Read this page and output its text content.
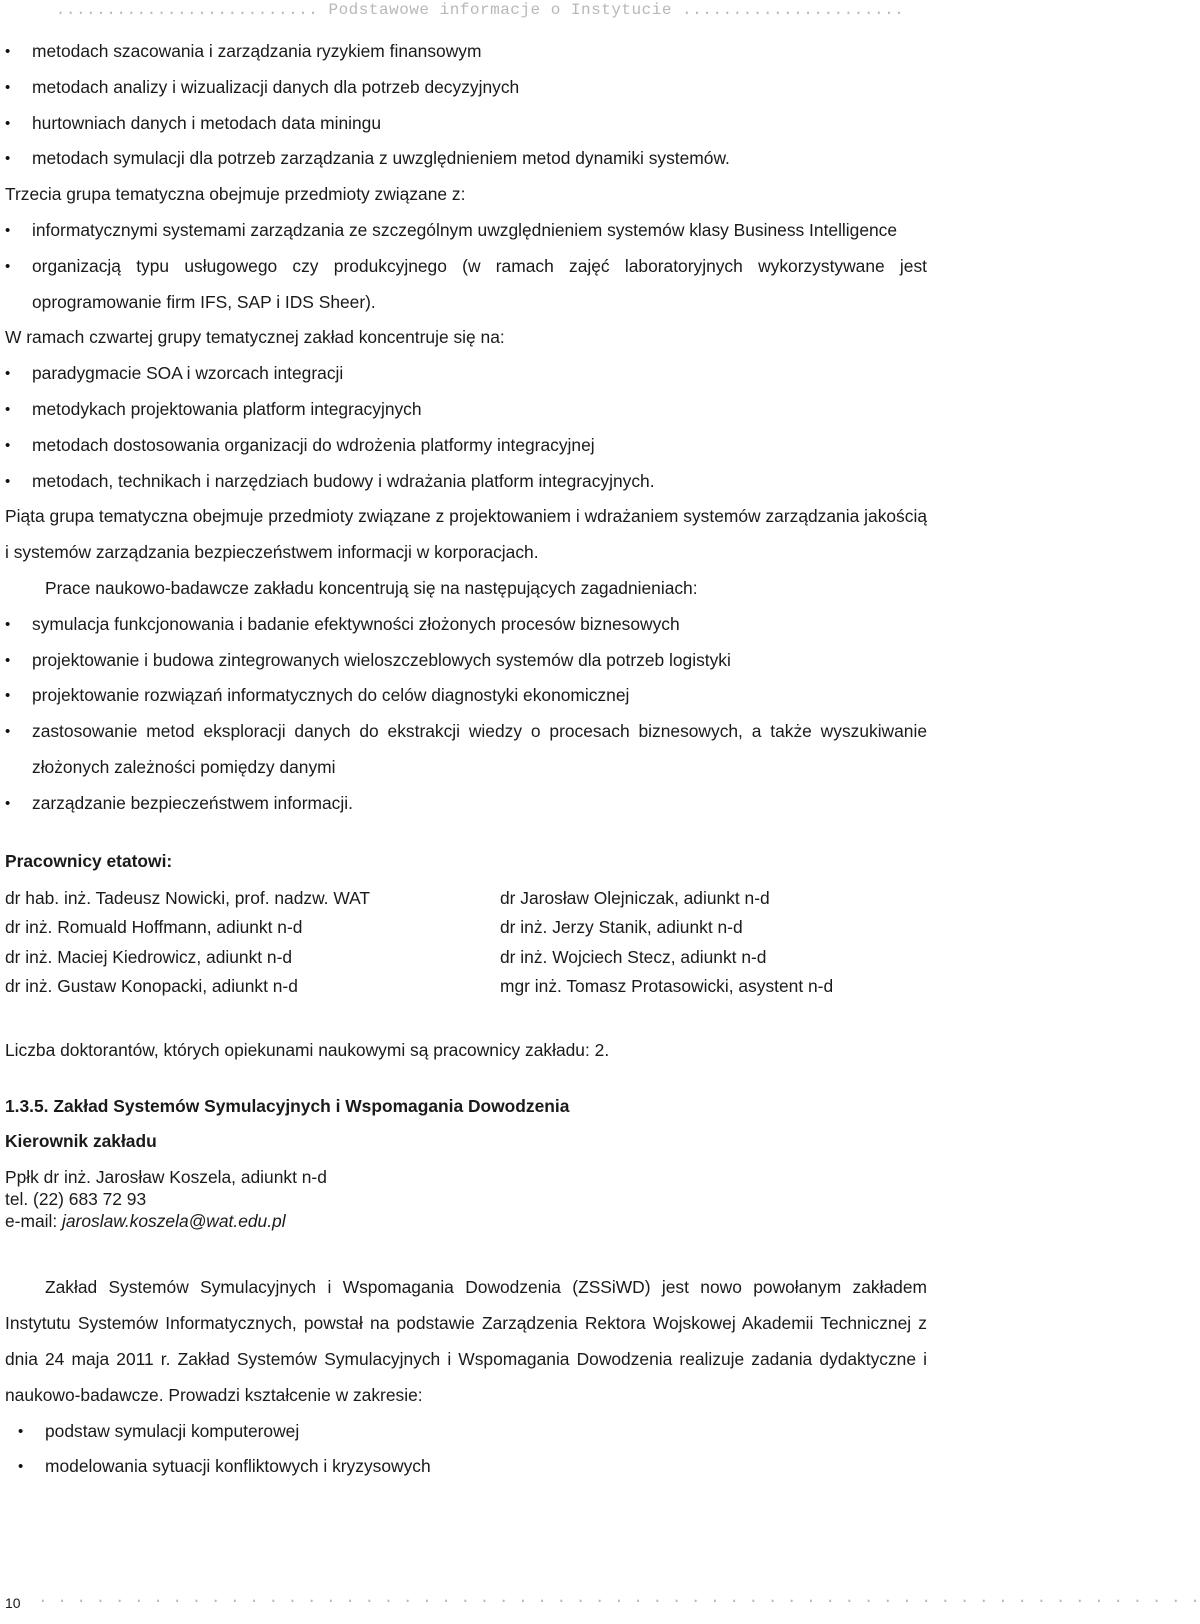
.......................... Podstawowe informacje o Instytucie ......................
• metodach szacowania i zarządzania ryzykiem finansowym
• metodach analizy i wizualizacji danych dla potrzeb decyzyjnych
• hurtowniach danych i metodach data miningu
• metodach symulacji dla potrzeb zarządzania z uwzględnieniem metod dynamiki systemów.

Trzecia grupa tematyczna obejmuje przedmioty związane z:

• informatycznymi systemami zarządzania ze szczególnym uwzględnieniem systemów klasy Business Intelligence
• organizacją typu usługowego czy produkcyjnego (w ramach zajęć laboratoryjnych wykorzystywane jest oprogramowanie firm IFS, SAP i IDS Sheer).

W ramach czwartej grupy tematycznej zakład koncentruje się na:

• paradygmacie SOA i wzorcach integracji
• metodykach projektowania platform integracyjnych
• metodach dostosowania organizacji do wdrożenia platformy integracyjnej
• metodach, technikach i narzędziach budowy i wdrażania platform integracyjnych.

Piąta grupa tematyczna obejmuje przedmioty związane z projektowaniem i wdrażaniem systemów zarządzania jakością i systemów zarządzania bezpieczeństwem informacji w korporacjach.

Prace naukowo-badawcze zakładu koncentrują się na następujących zagadnieniach:

• symulacja funkcjonowania i badanie efektywności złożonych procesów biznesowych
• projektowanie i budowa zintegrowanych wieloszczeblowych systemów dla potrzeb logistyki
• projektowanie rozwiązań informatycznych do celów diagnostyki ekonomicznej
• zastosowanie metod eksploracji danych do ekstrakcji wiedzy o procesach biznesowych, a także wyszukiwanie złożonych zależności pomiędzy danymi
• zarządzanie bezpieczeństwem informacji.
Pracownicy etatowi:
dr hab. inż. Tadeusz Nowicki, prof. nadzw. WAT
dr inż. Romuald Hoffmann, adiunkt n-d
dr inż. Maciej Kiedrowicz, adiunkt n-d
dr inż. Gustaw Konopacki, adiunkt n-d
dr Jarosław Olejniczak, adiunkt n-d
dr inż. Jerzy Stanik, adiunkt n-d
dr inż. Wojciech Stecz, adiunkt n-d
mgr inż. Tomasz Protasowicki, asystent n-d

Liczba doktorantów, których opiekunami naukowymi są pracownicy zakładu: 2.

1.3.5. Zakład Systemów Symulacyjnych i Wspomagania Dowodzenia
Kierownik zakładu

Ppłk dr inż. Jarosław Koszela, adiunkt n-d

tel. (22) 683 72 93

e-mail: jaroslaw.koszela@wat.edu.pl

Zakład Systemów Symulacyjnych i Wspomagania Dowodzenia (ZSSiWD) jest nowo powołanym zakładem Instytutu Systemów Informatycznych, powstał na podstawie Zarządzenia Rektora Wojskowej Akademii Technicznej z dnia 24 maja 2011 r. Zakład Systemów Symulacyjnych i Wspomagania Dowodzenia realizuje zadania dydaktyczne i naukowo-badawcze. Prowadzi kształcenie w zakresie:

• podstaw symulacji komputerowej
• modelowania sytuacji konfliktowych i kryzysowych
10 . . . . . . . . . . . . . . . . . . . . . . . . . . . . . . . . . . . . . . . . . . . . . . . . . . . . . . . . . . . . .
